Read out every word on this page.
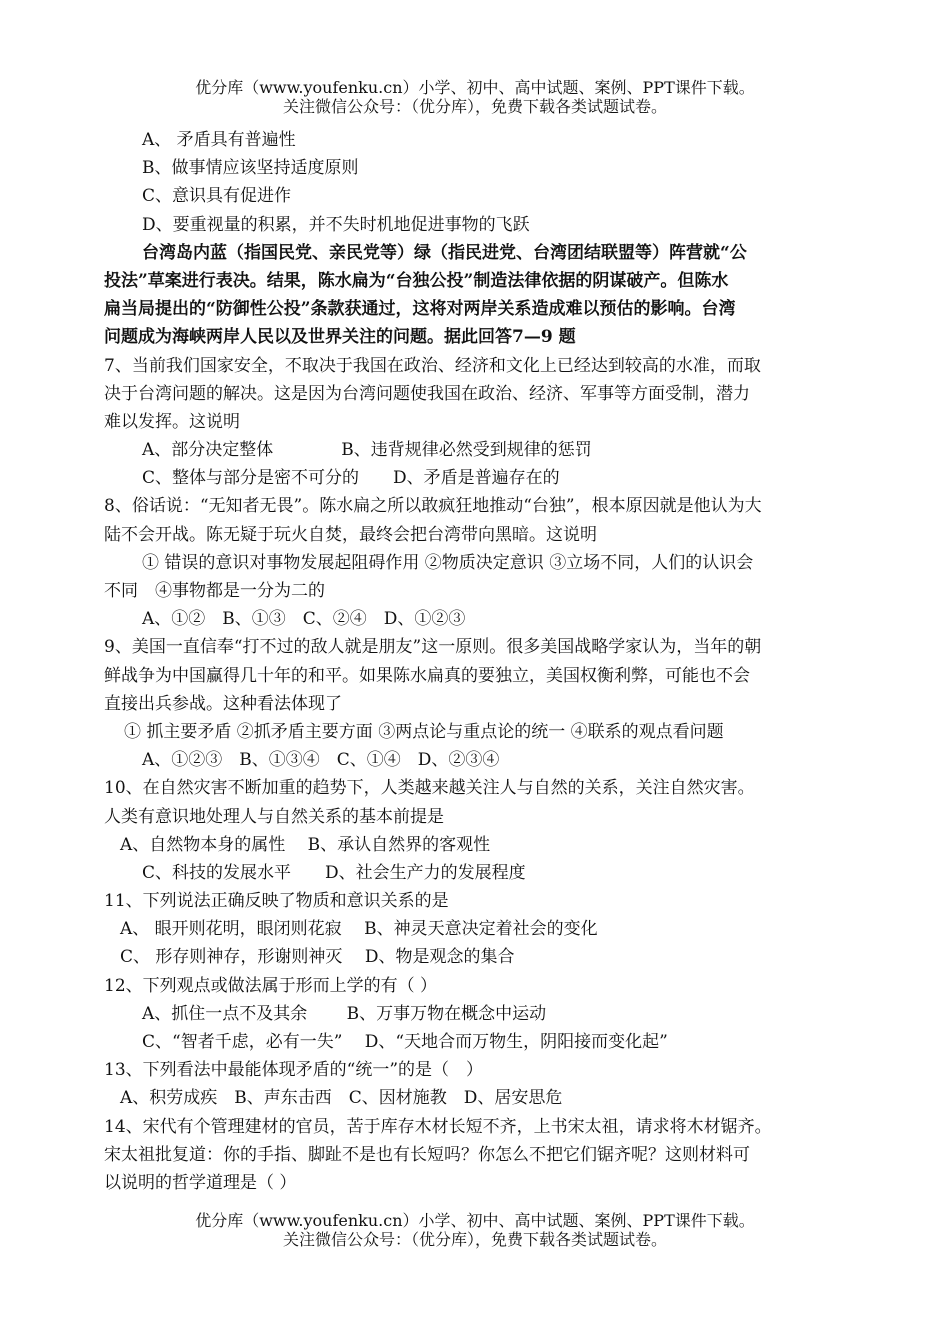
优分库（www.youfenku.cn）小学、初中、高中试题、案例、PPT课件下载。
关注微信公众号：（优分库），免费下载各类试题试卷。
A、 矛盾具有普遍性
B、做事情应该坚持适度原则
C、意识具有促进作
D、要重视量的积累，并不失时机地促进事物的飞跃
台湾岛内蓝（指国民党、亲民党等）绿（指民进党、台湾团结联盟等）阵营就“公
投法”草案进行表决。结果，陈水扁为“台独公投”制造法律依据的阴谋破产。但陈水
扁当局提出的“防御性公投”条款获通过，这将对两岸关系造成难以预估的影响。台湾
问题成为海峡两岸人民以及世界关注的问题。据此回答7—9 题
7、当前我们国家安全，不取决于我国在政治、经济和文化上已经达到较高的水准，而取
决于台湾问题的解决。这是因为台湾问题使我国在政治、经济、军事等方面受制，潜力
难以发挥。这说明
A、部分决定整体　　　　B、违背规律必然受到规律的惩罚
C、整体与部分是密不可分的　　D、矛盾是普遍存在的
8、俗话说：“无知者无畏”。陈水扁之所以敢疯狂地推动“台独”，根本原因就是他认为大
陆不会开战。陈无疑于玩火自焚，最终会把台湾带向黑暗。这说明
① 错误的意识对事物发展起阻碍作用 ②物质决定意识 ③立场不同，人们的认识会
不同　④事物都是一分为二的
A、①②　B、①③　C、②④　D、①②③
9、美国一直信奉“打不过的敌人就是朋友”这一原则。很多美国战略学家认为，当年的朝
鲜战争为中国赢得几十年的和平。如果陈水扁真的要独立，美国权衡利弊，可能也不会
直接出兵参战。这种看法体现了
① 抓主要矛盾 ②抓矛盾主要方面 ③两点论与重点论的统一 ④联系的观点看问题
A、①②③　B、①③④　C、①④　D、②③④
10、在自然灾害不断加重的趋势下，人类越来越关注人与自然的关系，关注自然灾害。
人类有意识地处理人与自然关系的基本前提是
A、自然物本身的属性　 B、承认自然界的客观性
C、科技的发展水平　　D、社会生产力的发展程度
11、下列说法正确反映了物质和意识关系的是
A、 眼开则花明，眼闭则花寂　 B、神灵天意决定着社会的变化
C、 形存则神存，形谢则神灭　 D、物是观念的集合
12、下列观点或做法属于形而上学的有（ ）
A、抓住一点不及其余　　 B、万事万物在概念中运动
C、“智者千虑，必有一失”　 D、“天地合而万物生，阴阳接而变化起”
13、下列看法中最能体现矛盾的“统一”的是（　）
A、积劳成疾　B、声东击西　C、因材施教　D、居安思危
14、宋代有个管理建材的官员，苦于库存木材长短不齐，上书宋太祖，请求将木材锯齐。
宋太祖批复道：你的手指、脚趾不是也有长短吗？你怎么不把它们锯齐呢？这则材料可
以说明的哲学道理是（ ）
优分库（www.youfenku.cn）小学、初中、高中试题、案例、PPT课件下载。
关注微信公众号：（优分库），免费下载各类试题试卷。
